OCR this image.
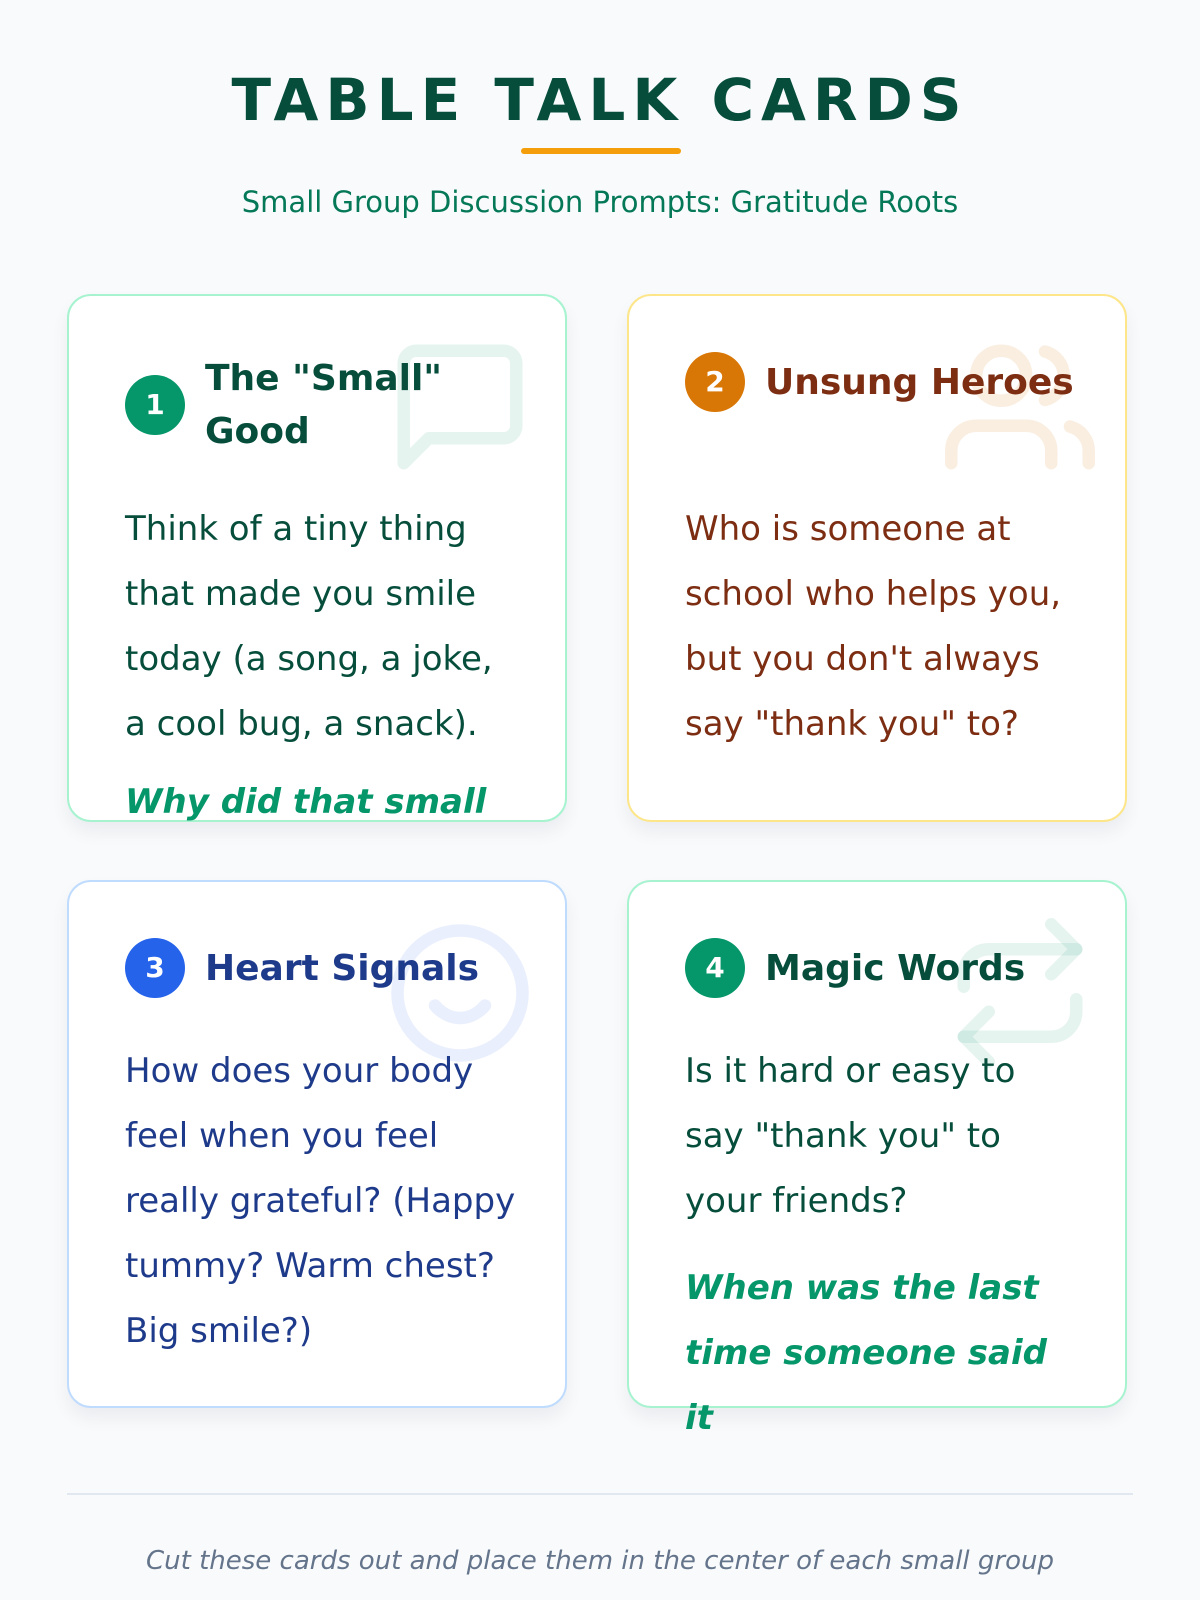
TABLE TALK CARDS
Small Group Discussion Prompts: Gratitude Roots
1
The "Small" Good

Think of a tiny thing that made you smile today (a song, a joke, a cool bug, a snack).

Why did that small

2	Unsung Heroes

Who is someone at school who helps you, but you don't always say "thank you" to?

3	Heart Signals

How does your body feel when you feel really grateful? (Happy tummy? Warm chest? Big smile?)

4	Magic Words

Is it hard or easy to say "thank you" to your friends?

When was the last time someone said it

Cut these cards out and place them in the center of each small group
